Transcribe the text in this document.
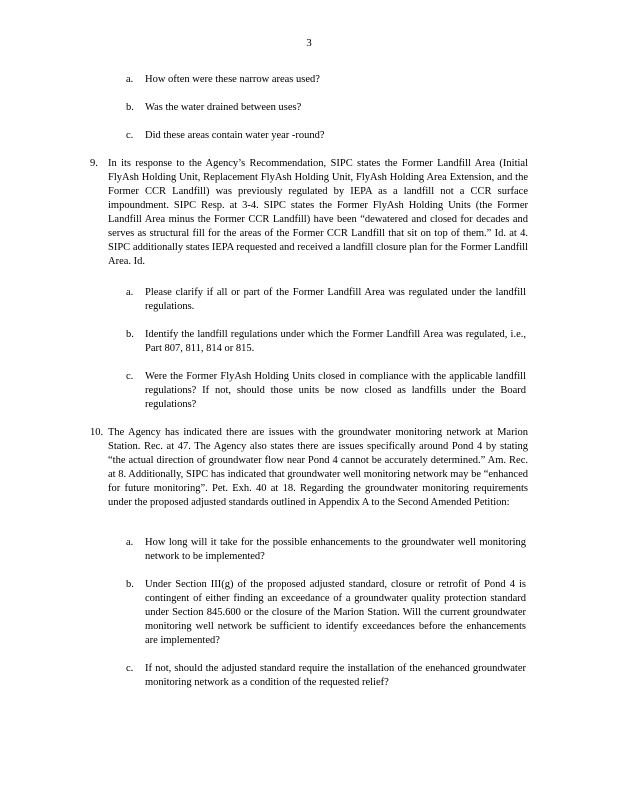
3
a. How often were these narrow areas used?
b. Was the water drained between uses?
c. Did these areas contain water year -round?
9. In its response to the Agency’s Recommendation, SIPC states the Former Landfill Area (Initial FlyAsh Holding Unit, Replacement FlyAsh Holding Unit, FlyAsh Holding Area Extension, and the Former CCR Landfill) was previously regulated by IEPA as a landfill not a CCR surface impoundment. SIPC Resp. at 3-4. SIPC states the Former FlyAsh Holding Units (the Former Landfill Area minus the Former CCR Landfill) have been “dewatered and closed for decades and serves as structural fill for the areas of the Former CCR Landfill that sit on top of them.” Id. at 4. SIPC additionally states IEPA requested and received a landfill closure plan for the Former Landfill Area. Id.
a. Please clarify if all or part of the Former Landfill Area was regulated under the landfill regulations.
b. Identify the landfill regulations under which the Former Landfill Area was regulated, i.e., Part 807, 811, 814 or 815.
c. Were the Former FlyAsh Holding Units closed in compliance with the applicable landfill regulations? If not, should those units be now closed as landfills under the Board regulations?
10. The Agency has indicated there are issues with the groundwater monitoring network at Marion Station. Rec. at 47. The Agency also states there are issues specifically around Pond 4 by stating “the actual direction of groundwater flow near Pond 4 cannot be accurately determined.” Am. Rec. at 8. Additionally, SIPC has indicated that groundwater well monitoring network may be “enhanced for future monitoring”. Pet. Exh. 40 at 18. Regarding the groundwater monitoring requirements under the proposed adjusted standards outlined in Appendix A to the Second Amended Petition:
a. How long will it take for the possible enhancements to the groundwater well monitoring network to be implemented?
b. Under Section III(g) of the proposed adjusted standard, closure or retrofit of Pond 4 is contingent of either finding an exceedance of a groundwater quality protection standard under Section 845.600 or the closure of the Marion Station. Will the current groundwater monitoring well network be sufficient to identify exceedances before the enhancements are implemented?
c. If not, should the adjusted standard require the installation of the enehanced groundwater monitoring network as a condition of the requested relief?
